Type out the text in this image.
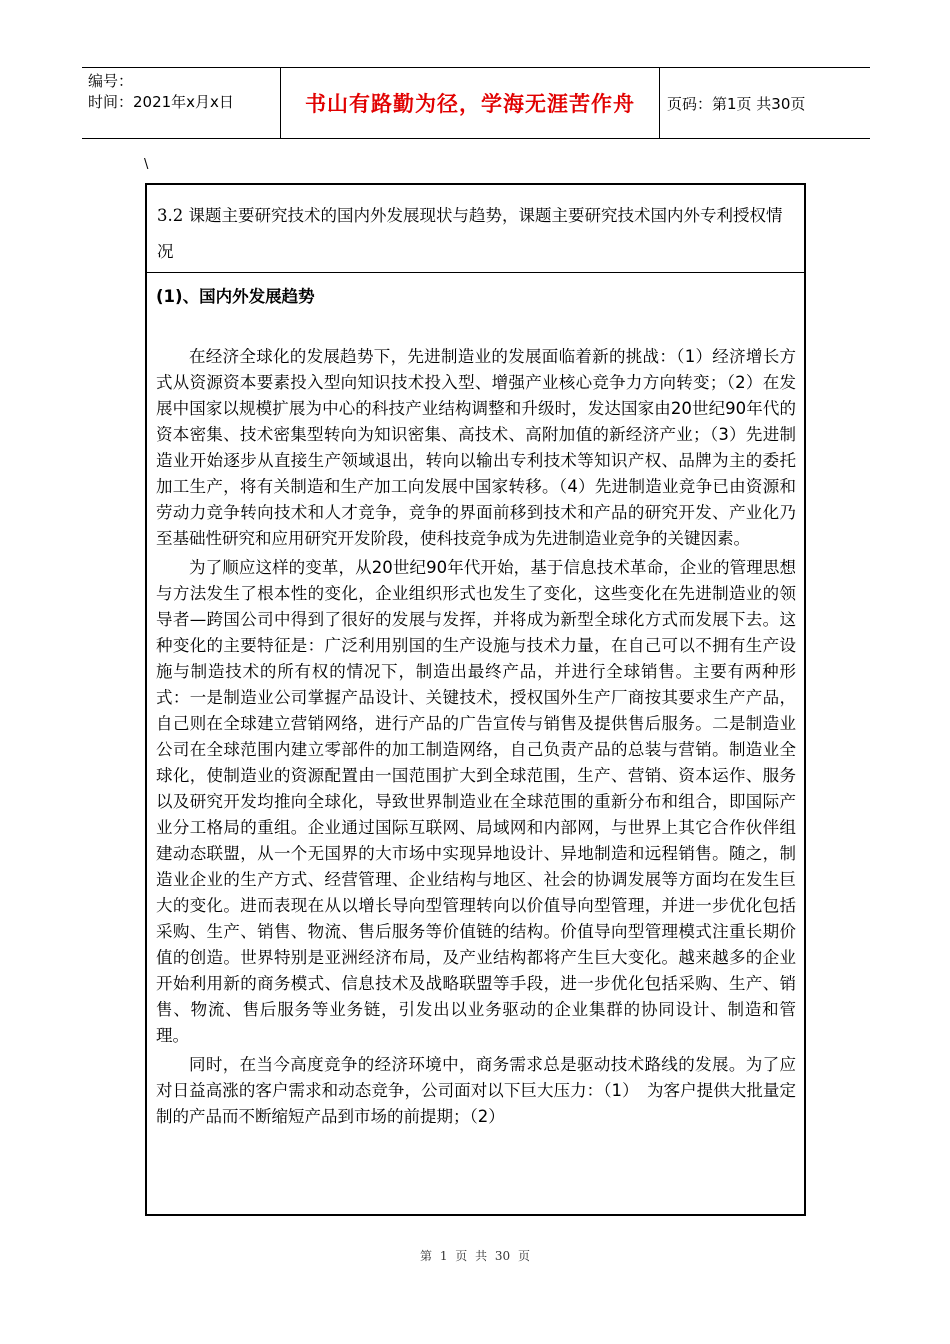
编号：
时间：2021年x月x日	书山有路勤为径，学海无涯苦作舟	页码：第1页 共30页
\
3.2 课题主要研究技术的国内外发展现状与趋势，课题主要研究技术国内外专利授权情况
(1)、国内外发展趋势

在经济全球化的发展趋势下，先进制造业的发展面临着新的挑战：（1）经济增长方式从资源资本要素投入型向知识技术投入型、增强产业核心竞争力方向转变；（2）在发展中国家以规模扩展为中心的科技产业结构调整和升级时，发达国家由20世纪90年代的资本密集、技术密集型转向为知识密集、高技术、高附加值的新经济产业；（3）先进制造业开始逐步从直接生产领域退出，转向以输出专利技术等知识产权、品牌为主的委托加工生产，将有关制造和生产加工向发展中国家转移。（4）先进制造业竞争已由资源和劳动力竞争转向技术和人才竞争，竞争的界面前移到技术和产品的研究开发、产业化乃至基础性研究和应用研究开发阶段，使科技竞争成为先进制造业竞争的关键因素。

为了顺应这样的变革，从20世纪90年代开始，基于信息技术革命，企业的管理思想与方法发生了根本性的变化，企业组织形式也发生了变化，这些变化在先进制造业的领导者—跨国公司中得到了很好的发展与发挥，并将成为新型全球化方式而发展下去。这种变化的主要特征是：广泛利用别国的生产设施与技术力量，在自己可以不拥有生产设施与制造技术的所有权的情况下，制造出最终产品，并进行全球销售。主要有两种形式：一是制造业公司掌握产品设计、关键技术，授权国外生产厂商按其要求生产产品，自己则在全球建立营销网络，进行产品的广告宣传与销售及提供售后服务。二是制造业公司在全球范围内建立零部件的加工制造网络，自己负责产品的总装与营销。制造业全球化，使制造业的资源配置由一国范围扩大到全球范围，生产、营销、资本运作、服务以及研究开发均推向全球化，导致世界制造业在全球范围的重新分布和组合，即国际产业分工格局的重组。企业通过国际互联网、局域网和内部网，与世界上其它合作伙伴组建动态联盟，从一个无国界的大市场中实现异地设计、异地制造和远程销售。随之，制造业企业的生产方式、经营管理、企业结构与地区、社会的协调发展等方面均在发生巨大的变化。进而表现在从以增长导向型管理转向以价值导向型管理，并进一步优化包括采购、生产、销售、物流、售后服务等价值链的结构。价值导向型管理模式注重长期价值的创造。世界特别是亚洲经济布局，及产业结构都将产生巨大变化。越来越多的企业开始利用新的商务模式、信息技术及战略联盟等手段，进一步优化包括采购、生产、销售、物流、售后服务等业务链，引发出以业务驱动的企业集群的协同设计、制造和管理。

同时，在当今高度竞争的经济环境中，商务需求总是驱动技术路线的发展。为了应对日益高涨的客户需求和动态竞争，公司面对以下巨大压力：（1）　为客户提供大批量定制的产品而不断缩短产品到市场的前提期；（2）

第 1 页 共 30 页
